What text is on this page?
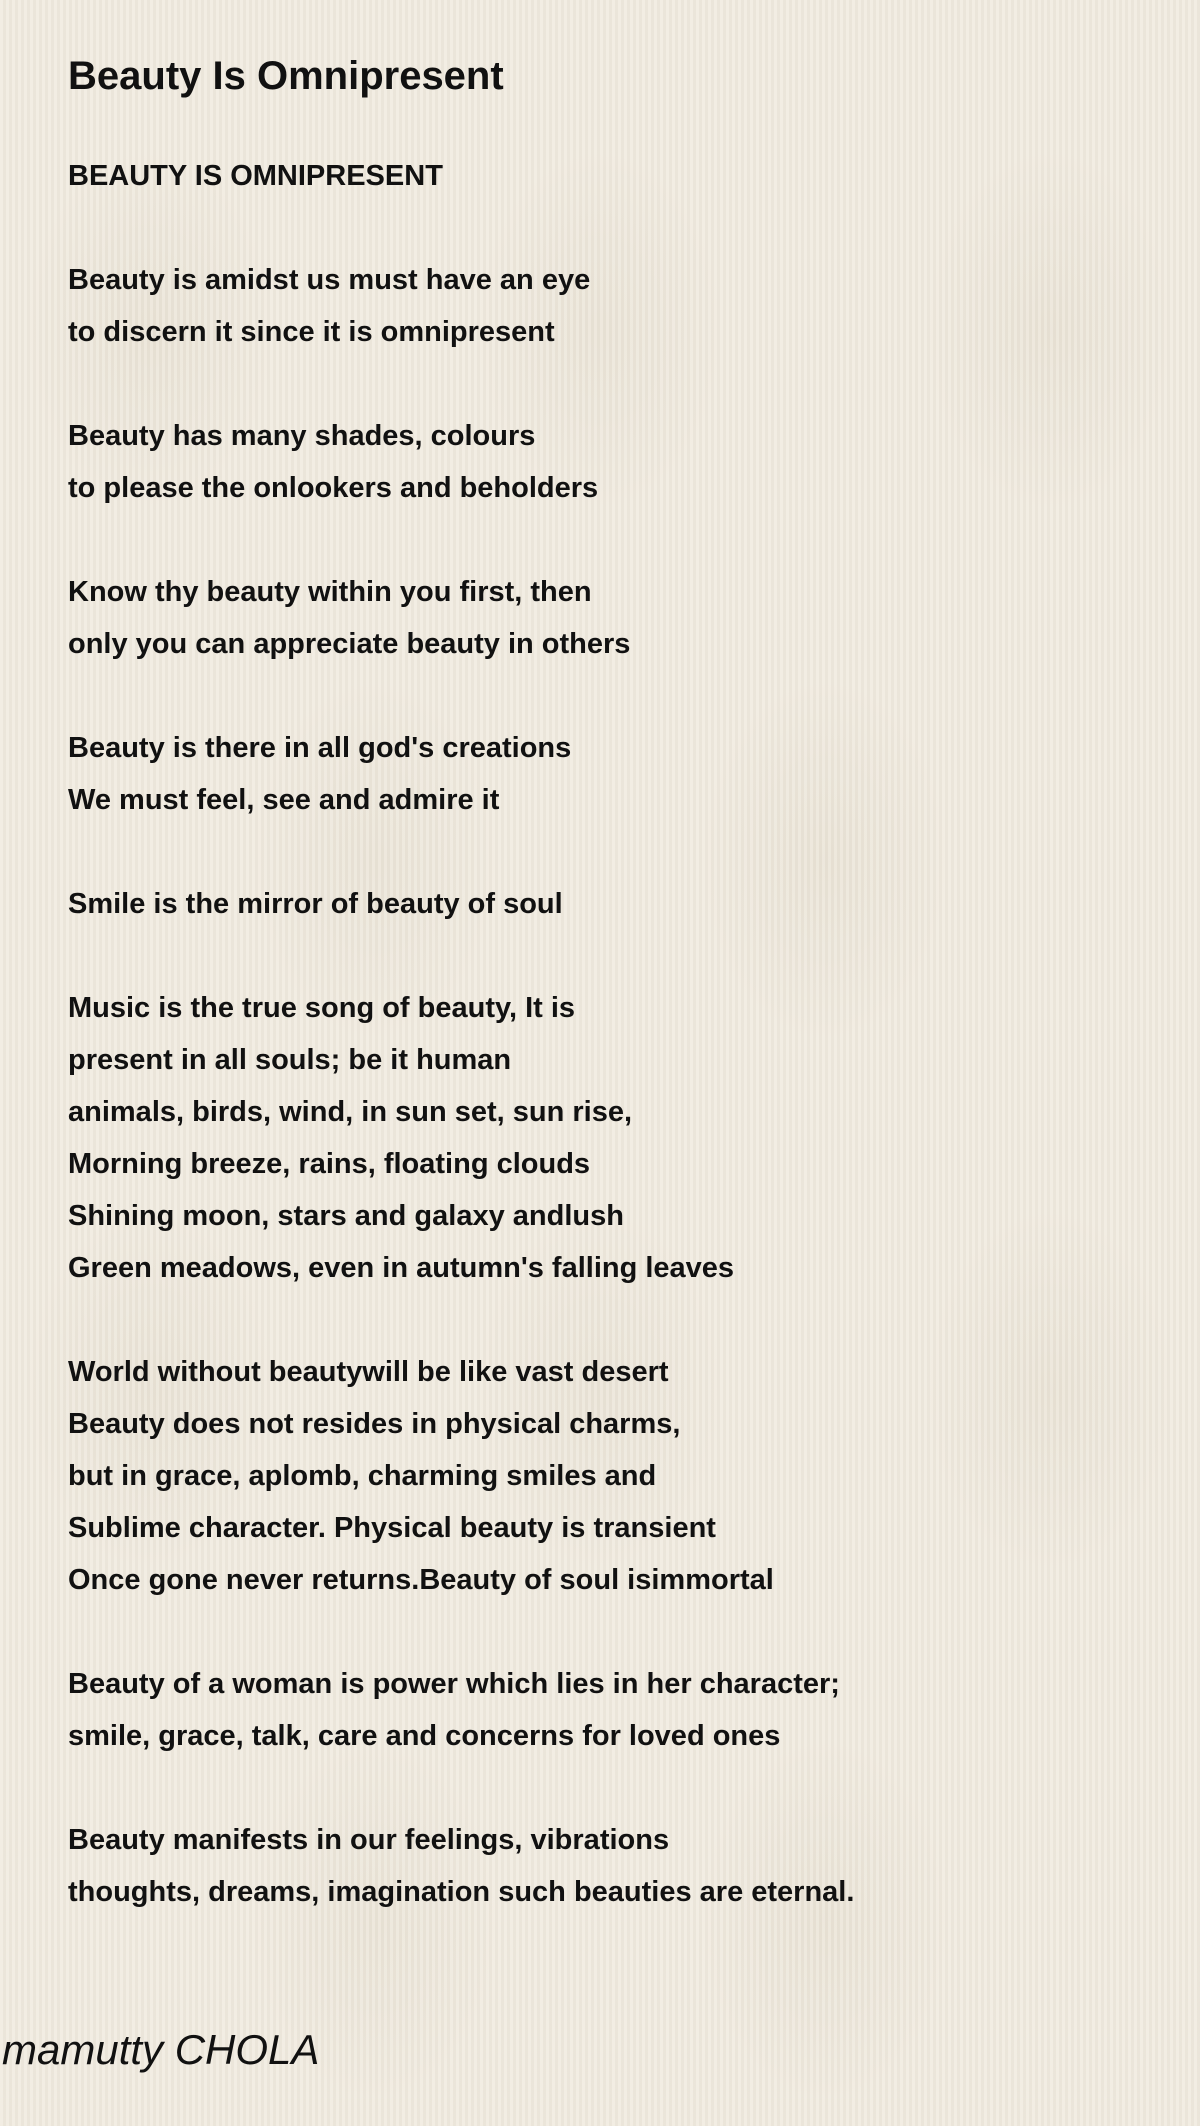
Beauty Is Omnipresent
BEAUTY IS OMNIPRESENT
Beauty is amidst us must have an eye
to discern it since it is omnipresent
Beauty has many shades, colours
to please the onlookers and beholders
Know thy beauty within you first, then
only you can appreciate beauty in others
Beauty is there in all god's creations
We must feel, see and admire it
Smile is the mirror of beauty of soul
Music is the true song of beauty, It is
present in all souls; be it human
animals, birds, wind, in sun set, sun rise,
Morning breeze, rains, floating clouds
Shining moon, stars and galaxy andlush
Green meadows, even in autumn's falling leaves
World without beautywill be like vast desert
Beauty does not resides in physical charms,
but in grace, aplomb, charming smiles and
Sublime character. Physical beauty is transient
Once gone never returns.Beauty of soul isimmortal
Beauty of a woman is power which lies in her character;
smile, grace, talk, care and concerns for loved ones
Beauty manifests in our feelings, vibrations
thoughts, dreams, imagination such beauties are eternal.
mamutty CHOLA
